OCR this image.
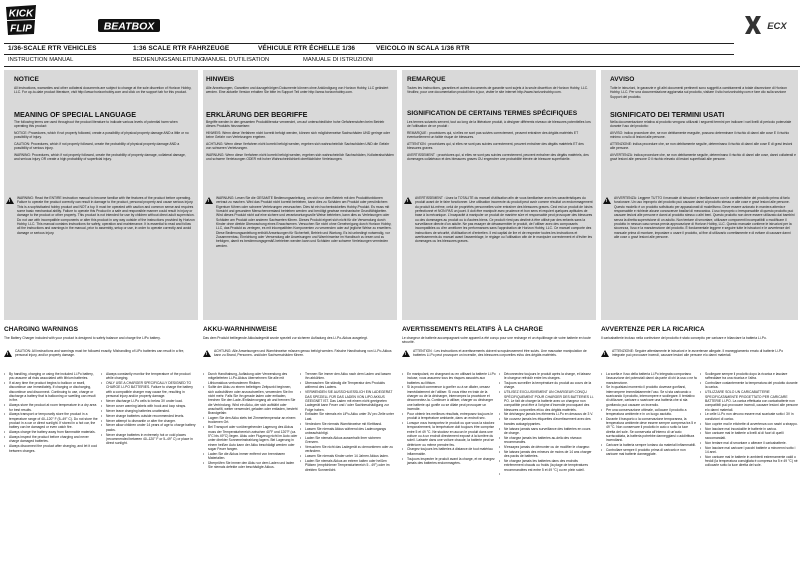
KICK
FLIP	BEATBOX	ECX
1/36-SCALE RTR VEHICLES	1:36 SCALE RTR FAHRZEUGE	VÉHICULE RTR ÉCHELLE 1/36	VEICOLO IN SCALA 1/36 RTR
INSTRUCTION MANUAL	BEDIENUNGSANLEITUNG
MANUEL D'UTILISATION	MANUALE DI ISTRUZIONI
NOTICE
All instructions, warranties and other collateral documents are subject to change at the sole discretion of Horizon Hobby, LLC. For up-to-date product literature, visit http://www.horizonhobby.com and click on the support tab for this product.
MEANING OF SPECIAL LANGUAGE
The following terms are used throughout the product literature to indicate various levels of potential harm when operating this product:
NOTICE: Procedures, which if not properly followed, create a possibility of physical property damage AND a little or no possibility of injury.
CAUTION: Procedures, which if not properly followed, create the probability of physical property damage AND a possibility of serious injury.
WARNING: Procedures, which if not properly followed, create the probability of property damage, collateral damage, and serious injury OR create a high probability of superficial injury.
!
WARNING: Read the ENTIRE instruction manual to become familiar with the features of the product before operating. Failure to operate the product correctly can result in damage to the product, personal property and cause serious injury. This is a sophisticated hobby product and NOT a toy. It must be operated with caution and common sense and requires some basic mechanical ability. Failure to operate this Product in a safe and responsible manner could result in injury or damage to the product or other property. This product is not intended for use by children without direct adult supervision. Do not use with incompatible components or alter this product in any way outside of the instructions provided by Horizon Hobby, LLC. This manual contains instructions for safety, operation and maintenance. It is essential to read and follow all the instructions and warnings in the manual, prior to assembly, setup or use, in order to operate correctly and avoid damage or serious injury.
CHARGING WARNINGS
The Battery Charger included with your product is designed to safely balance and charge the LiPo battery.
!
CAUTION: All instructions and warnings must be followed exactly. Mishandling of LiPo batteries can result in a fire, personal injury, and/or property damage.
• By handling, charging or using the included Li-Po battery, you assume all risks associated with lithium batteries.
• If at any time the product begins to balloon or swell, discontinue use immediately. If charging or discharging, discontinue and disconnect. Continuing to use, charge or discharge a battery that is ballooning or swelling can result in fire.
• Always store the product at room temperature in a dry area for best results.
• Always transport or temporarily store the product in a temperature range of 40–120° F (5–49° C). Do not store the product in a car or direct sunlight. If stored in a hot car, the battery can be damaged or even catch fire.
• Always charge the battery away from flammable materials.
• Always inspect the product before charging and never charge damaged batteries.
• Always disconnect the product after charging, and let it cool between charges.
• Always constantly monitor the temperature of the product while charging.
• ONLY USE A CHARGER SPECIFICALLY DESIGNED TO CHARGE LI-PO BATTERIES. Failure to charge the battery with a compatible charger may cause fire, resulting in personal injury and/or property damage.
• Never discharge Li-Po cells to below 3V under load.
• Never cover warning labels with hook and loop straps.
• Never leave charging batteries unattended.
• Never charge batteries outside recommended levels.
• Never attempt to dismantle or alter the charger.
• Never allow children under 14 years of age to charge battery packs.
• Never charge batteries in extremely hot or cold places (recommended between 40–120° F or 5–49° C) or place in direct sunlight.
HINWEIS
Alle Anweisungen, Garantien und dazugehörigen Dokumente können ohne Ankündigung von Horizon Hobby, LLC geändert werden. Eine aktuelle Version erhalten Sie bitte im Support Teil unter http://www.horizonhobby.com.
ERKLÄRUNG DER BEGRIFFE
Begriffe werden in den gesamten Produktliteratur verwendet, um auf unterschiedliche hohe Gefahrenstufen beim Betrieb dieses Produkts hinzuweisen:
HINWEIS: Wenn diese Verfahren nicht korrekt befolgt werden, können sich möglicherweise Sachschäden UND geringe oder keine Gefahr von Verletzungen ergeben.
ACHTUNG: Wenn diese Verfahren nicht korrekt befolgt werden, ergeben sich wahrscheinlich Sachschäden UND die Gefahr von schweren Verletzungen.
WARNUNG: Wenn diese Verfahren nicht korrekt befolgt werden, ergeben sich wahrscheinlich Sachschäden, Kollateralschäden und schwere Verletzungen ODER mit hoher Wahrscheinlichkeit oberflächliche Verletzungen.
!
WARNUNG: Lesen Sie die GESAMTE Bedienungsanleitung, um sich vor dem Betrieb mit den Produktfunktionen vertraut zu machen. Wird das Produkt nicht korrekt betrieben, kann dies zu Schäden am Produkt oder persönlichem Eigentum führen oder schwere Verletzungen verursachen. Dies ist ein hochentwickeltes Hobby-Produkt. Es muss mit Vorsicht und gesundem Menschenverstand betrieben werden und benötigt gewisse mechanische Grundfähigkeiten. Wird dieses Produkt nicht auf eine sichere und verantwortungsvolle Weise betrieben, kann dies zu Verletzungen oder Schäden am Produkt oder anderen Sachwerten führen. Dieses Produkt eignet sich nicht für die Verwendung durch Kinder ohne direkte Überwachung eines Erwachsenen. Versuchen Sie nicht ohne Genehmigung durch Horizon Hobby, LLC, das Produkt zu zerlegen, es mit inkompatiblen Komponenten zu verwenden oder auf jegliche Weise zu erweitern. Diese Bedienungsanleitung enthält Anweisungen für Sicherheit, Betrieb und Wartung. Es ist unbedingt notwendig, vor Zusammenbau, Einrichtung oder Verwendung alle Anweisungen und Warnhinweise im Handbuch zu lesen und zu befolgen, damit es bestimmungsgemäß betrieben werden kann und Schäden oder schwere Verletzungen vermieden werden.
AKKU-WARNHINWEISE
Das dem Produkt beiliegende Akkuladegerät wurde speziell zur sicheren Aufladung des Li-Po-Akkus ausgelegt.
!
ACHTUNG: Alle Anweisungen und Warnhinweise müssen genau befolgt werden. Falsche Handhabung von Li-Po-Akkus kann zu Brand, Personen- und/oder Sachverschäden führen.
• Durch Handhabung, Aufladung oder Verwendung des mitgelieferten Li-Po-Akkus übernehmen Sie alle mit Lithiumakkus verbundenen Risiken.
• Sollte der Akku zu einem beliebigen Zeitpunkt beginnen, sich aufzublähen oder anzuschwellen, verwenden Sie ihn nicht mehr. Falls Sie ihn gerade laden oder entladen, brechen Sie den Lade-/Entladevorgang ab und trennen Sie die Verbindung. Wird ein Akku, der sich aufbläht oder anschwillt, weiter verwendet, geladen oder entladen, besteht Brandgefahr.
• Lagern Sie den Akku stets bei Zimmertemperatur an einem trockenen Ort.
• Bei Transport oder vorübergehender Lagerung des Akkus muss der Temperaturbereich zwischen 40°F und 120°F (ca. 5°C bis 49°C) liegen. Akku oder Flugzeug nicht im Auto oder unter direkter Sonneneinstrahlung lagern. Bei Lagerung in einem heißen Auto kann der Akku beschädigt werden oder sogar Feuer fangen.
• Laden Sie die Akkus immer entfernt von brennbaren Materialien.
• Überprüfen Sie immer den Akku vor dem Laden und laden Sie niemals defekte oder beschädigte Akkus.
• Trennen Sie immer den Akku nach dem Laden und lassen ihn abkühlen.
• Überwachen Sie ständig die Temperatur des Produkts während des Ladens.
• VERWENDEN SIE AUSSCHLIESSLICH EIN LADEGERÄT DAS SPEZIELL FÜR DAS LADEN VON LIPO AKKUS GEEIGNET IST. Das Laden mit einem nicht geeigneten Ladegerät kann Feuer und / oder Sachbeschädigung zur Folge haben.
• Entladen Sie niemals ein LiPo-Akku unter 3V pro Zelle unter Last.
• Verdecken Sie niemals Warnhinweise mit Klettband.
• Lassen Sie niemals Akkus während des Ladevorgangs unbeaufsichtigt.
• Laden Sie niemals Akkus ausserhalb ihrer sicheren Grenzen.
• Versuchen Sie nicht das Ladegerät zu demontieren oder zu verändern.
• Lassen Sie niemals Kinder unter 14 Jahren Akkus laden.
• Laden Sie niemals Akkus an extrem kalten oder heißen Plätzen (empfohlener Temperaturbereich 5 - 49°) oder im direkten Sonnenlicht.
REMARQUE
Toutes les instructions, garanties et autres documents de garantie sont sujets à la seule discrétion de Horizon Hobby, LLC. Veuillez, pour une documentation produit bien à jour, visiter le site internet http://www.horizonhobby.com.
SIGNIFICATION DE CERTAINS TERMES SPÉCIFIQUES
Les termes suivants servent, tout au long de la littérature produit, à désigner différents niveaux de blessures potentielles lors de l'utilisation de ce produit :
REMARQUE : procédures qui, si elles ne sont pas suivies correctement, peuvent entraîner des dégâts matériels ET éventuellement un faible risque de blessures.
ATTENTION : procédures qui, si elles ne sont pas suivies correctement, peuvent entraîner des dégâts matériels ET des blessures graves.
AVERTISSEMENT : procédures qui, si elles ne sont pas suivies correctement, peuvent entraîner des dégâts matériels, des dommages collatéraux et des blessures graves OU engendrer une probabilité élevée de blessure superficielle.
!
AVERTISSEMENT : Lisez la TOTALITÉ du manuel d'utilisation afin de vous familiariser avec les caractéristiques du produit avant de le faire fonctionner. Une utilisation incorrecte du produit peut avoir comme résultat un endommagement du produit lui-même, celui de propriétés personnelles voire entraîner des blessures graves. Ceci est un produit de loisirs perfectionné et NON PAS un jouet. Il doit être manipulé avec prudence et bon sens et requiert quelques aptitudes de base à la mécanique. L'incapacité à manipuler ce produit de manière sûre et responsable peut provoquer des blessures ou des dommages au produit ou à d'autres biens. Ce produit n'est pas destiné à être utilisé par des enfants sans la surveillance directe d'un adulte. Ne pas essayer de désassembler le produit, de l'utiliser avec des composants incompatibles ou d'en améliorer les performances sans l'approbation de Horizon Hobby, LLC. Ce manuel comporte des instructions de sécurité, d'utilisation et d'entretien. Il est capital de lire et de respecter toutes les instructions et avertissements du manuel avant l'assemblage, le réglage ou l'utilisation afin de le manipuler correctement et d'éviter les dommages ou les blessures graves.
AVERTISSEMENTS RELATIFS À LA CHARGE
Le chargeur de batterie accompagnant votre appareil a été conçu pour une recharge et un équilibrage de votre batterie en toute sécurité.
!
ATTENTION : Les instructions et avertissements doivent scrupuleusement être suivis. Une mauvaise manipulation de batteries Li-Po peut provoquer un incendie, des blessures corporelles et/ou des dégâts matériels.
• En manipulant, en chargeant ou en utilisant la batterie Li-Po incluse, vous assumez tous les risques associés aux batteries au lithium.
• Si la produit commence à gonfler ou à se dilater, cessez immédiatement de l'utiliser. Si vous étiez en train de la charger ou de la décharger, interrompez la procédure et déconnectez-la. Continuer à utiliser, charger ou décharger une batterie qui gonfle ou se dilate peut provoquer un incendie.
• Pour obtenir les meilleurs résultats, entreposez toujours le produit à température ambiante, dans un endroit sec.
• Lorsque vous transportez le produit ou que vous la stockez temporairement, la température doit toujours être comprise entre 5 et 49 °C. Ne stockez en aucun le produit dans une voiture ou à un endroit directement exposé à la lumière du soleil. Laissée dans une voiture chaude, la batterie peut se détériorer ou même prendre feu.
• Chargez toujours les batteries à distance de tout matériau inflammable.
• Toujours inspecter le produit avant la charge, et ne chargez jamais des batteries endommagées.
• Déconnectez toujours le produit après la charge, et laissez le chargeur refroidir entre les charges.
• Toujours surveiller la température du produit au cours de la charge.
• UTILISEZ EXCLUSIVEMENT UN CHARGEUR CONÇU SPÉCIFIQUEMENT POUR CHARGER DES BATTERIES Li-PO. Le fait de charger la batterie avec un chargeur non compatible peut être à l'origine d'incendie provoquant des blessures corporelles et/ou des dégâts matériels.
• Ne déchargez jamais les éléments Li-Po en dessous de 3 V.
• Ne couvrez jamais les étiquettes d'avertissement avec des bandes autoagrippantes.
• Ne laissez jamais sans surveillance des batteries en cours de charge.
• Ne chargez jamais les batteries au-delà des niveaux recommandés.
• N'essayez jamais de démonter ou de modifier le chargeur.
• Ne laissez jamais des mineurs de moins de 14 ans charger des packs de batteries.
• Ne chargez jamais les batteries dans des endroits extrêmement chauds ou froids (la plage de températures recommandées est entre 5 et 49 °C) ou en plein soleil.
AVVISO
Tutte le istruzioni, le garanzie e gli altri documenti pertinenti sono soggetti a cambiamenti a totale discrezione di Horizon Hobby, LLC. Per una documentazione aggiornata sul prodotto, visitare il sito horizonhobby.com e fare clic sulla sezione Support del prodotto.
SIGNIFICATO DEI TERMINI USATI
Nella documentazione relativa al prodotto vengono utilizzati i seguenti termini per indicare i vari livelli di pericolo potenziale durante l'uso del prodotto:
AVVISO: indica procedure che, se non debitamente eseguite, possono determinare il rischio di danni alle cose E il rischio minimo o nullo di lesioni alle persone.
ATTENZIONE: indica procedure che, se non debitamente seguite, determinano il rischio di danni alle cose E di gravi lesioni alle persone.
AVVERTENZA: indica procedure che, se non debitamente seguite, determinano il rischio di danni alle cose, danni collaterali e gravi lesioni alle persone O il rischio elevato di lesioni superficiali alle persone.
!
AVVERTENZA: Leggere TUTTO il manuale di istruzioni e familiarizzare con le caratteristiche del prodotto prima di farlo funzionare. Un uso improprio del prodotto può causare danni al prodotto stesso e alle cose e gravi lesioni alle persone. Questo modello è un prodotto sofisticato per appassionati di modellismo. Deve essere azionato in maniera attenta e responsabile e richiede alcune conoscenze basilari di meccanica. L'uso improprio o irresponsabile di questo prodotto può causare lesioni alle persone e danni al prodotto stesso o altri beni. Questo prodotto non deve essere utilizzato dai bambini senza la diretta supervisione di un adulto. Non tentare di smontare, utilizzare componenti incompatibili o modificare il prodotto in nessun caso senza previa approvazione di Horizon Hobby, LLC. Questo manuale contiene le istruzioni per la sicurezza, l'uso e la manutenzione del prodotto. È fondamentale leggere e seguire tutte le istruzioni e le avvertenze del manuale prima di montare, impostare o usare il prodotto, al fine di utilizzarlo correttamente e di evitare di causare danni alle cose o gravi lesioni alle persone.
AVVERTENZE PER LA RICARICA
Il caricabatterie incluso nella confezione del prodotto è stato concepito per caricare e bilanciare la batteria Li-Po.
!
ATTENZIONE: Seguire attentamente le istruzioni e le avvertenze allegate. Il maneggiamento errato di batterie Li-Po integrate può provocare incendi, causare lesioni alle persone e/o danni materiali.
• La scelta e l'uso della batteria Li-Po integrata comportano l'assunzione dei potenziali danni da parte di chi la usa o ne fa manutenzione.
• Se in qualsiasi momento il prodotto dovesse gonfiarsi, interrompere immediatamente l'uso. Se si sta caricando o scaricando il prodotto, interrompere e scollegare. Il tentativo di utilizzare, caricare o scaricare una batteria che si sta gonfiando può causare un incendio.
• Per una conservazione ottimale, collocare il prodotto a temperatura ambiente e in un luogo asciutto.
• Durante il trasporto o la conservazione temporanea, la temperatura ambiente deve essere sempre compresa tra 5 e 49 °C. Non conservare il prodotto in auto o sotto la luce diretta del sole. Se conservata all'interno di un'auto surriscaldata, la batteria potrebbe danneggiarsi o addirittura incendiarsi.
• Caricare la batteria sempre lontano da materiali infiammabili.
• Controllare sempre il prodotto prima di caricarlo e non caricare mai batterie danneggiate.
• Scollegare sempre il prodotto dopo la ricarica e lasciare raffreddare tra una ricarica e l'altra.
• Controllare costantemente la temperatura del prodotto durante la carica.
• UTILIZZARE SOLO UN CARICABATTERIE SPECIFICATAMENTE PROGETTATO PER CARICARE BATTERIE LI-PO. La carica effettuata con caricabatterie non compatibili può provocare incendi, causare lesioni alle persone e/o danni materiali.
• Le celle Li-Po non devono essere mai scaricate sotto i 3V in condizioni di carico.
• Non coprire mai le etichette di avvertenza con nastri a strappo.
• Non lasciare mai incustodite le batterie in carica.
• Non caricare mai le batterie a livelli al di fuori di quelli raccomandati.
• Non tentare mai di smontare o alterare il caricabatterie.
• Non lasciare mai caricare i pacchi batterie a minorenni sotto i 14 anni.
• Non caricare mai le batterie in ambienti estremamente caldi o freddi (la temperatura consigliata è compresa tra 5 e 49 °C) né collocarle sotto la luce diretta del sole.
